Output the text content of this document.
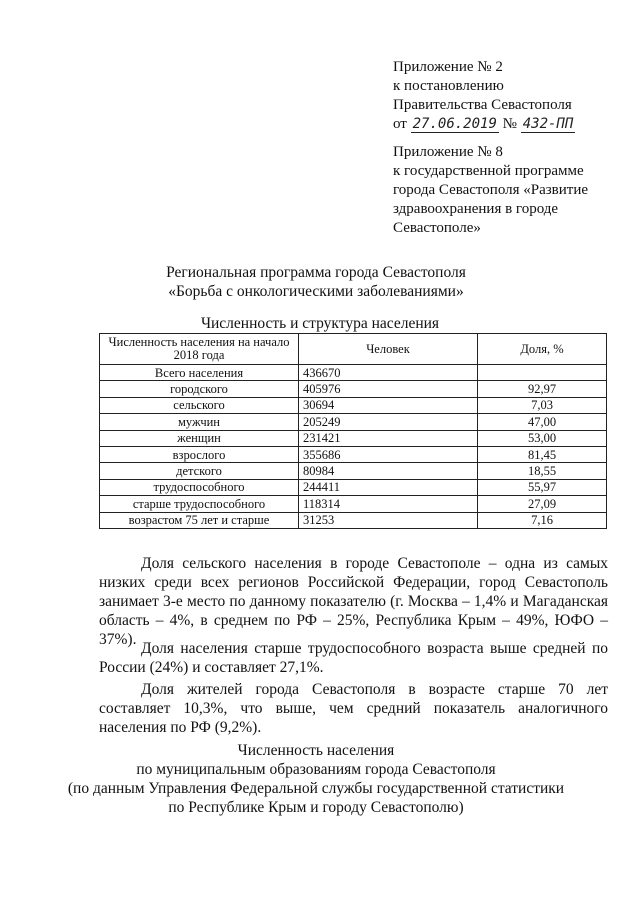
Приложение № 2
к постановлению
Правительства Севастополя
от 27.06.2019 № 432-ПП
Приложение № 8
к государственной программе
города Севастополя «Развитие
здравоохранения в городе
Севастополе»
Региональная программа города Севастополя
«Борьба с онкологическими заболеваниями»
Численность и структура населения
Численность населения на начало 2018 года	Человек	Доля, %
Всего населения	436670	
городского	405976	92,97
сельского	30694	7,03
мужчин	205249	47,00
женщин	231421	53,00
взрослого	355686	81,45
детского	80984	18,55
трудоспособного	244411	55,97
старше трудоспособного	118314	27,09
возрастом 75 лет и старше	31253	7,16

Доля сельского населения в городе Севастополе – одна из самых низких среди всех регионов Российской Федерации, город Севастополь занимает 3-е место по данному показателю (г. Москва – 1,4% и Магаданская область – 4%, в среднем по РФ – 25%, Республика Крым – 49%, ЮФО – 37%).

Доля населения старше трудоспособного возраста выше средней по России (24%) и составляет 27,1%.

Доля жителей города Севастополя в возрасте старше 70 лет составляет 10,3%, что выше, чем средний показатель аналогичного населения по РФ (9,2%).

Численность населения
по муниципальным образованиям города Севастополя
(по данным Управления Федеральной службы государственной статистики
по Республике Крым и городу Севастополю)
